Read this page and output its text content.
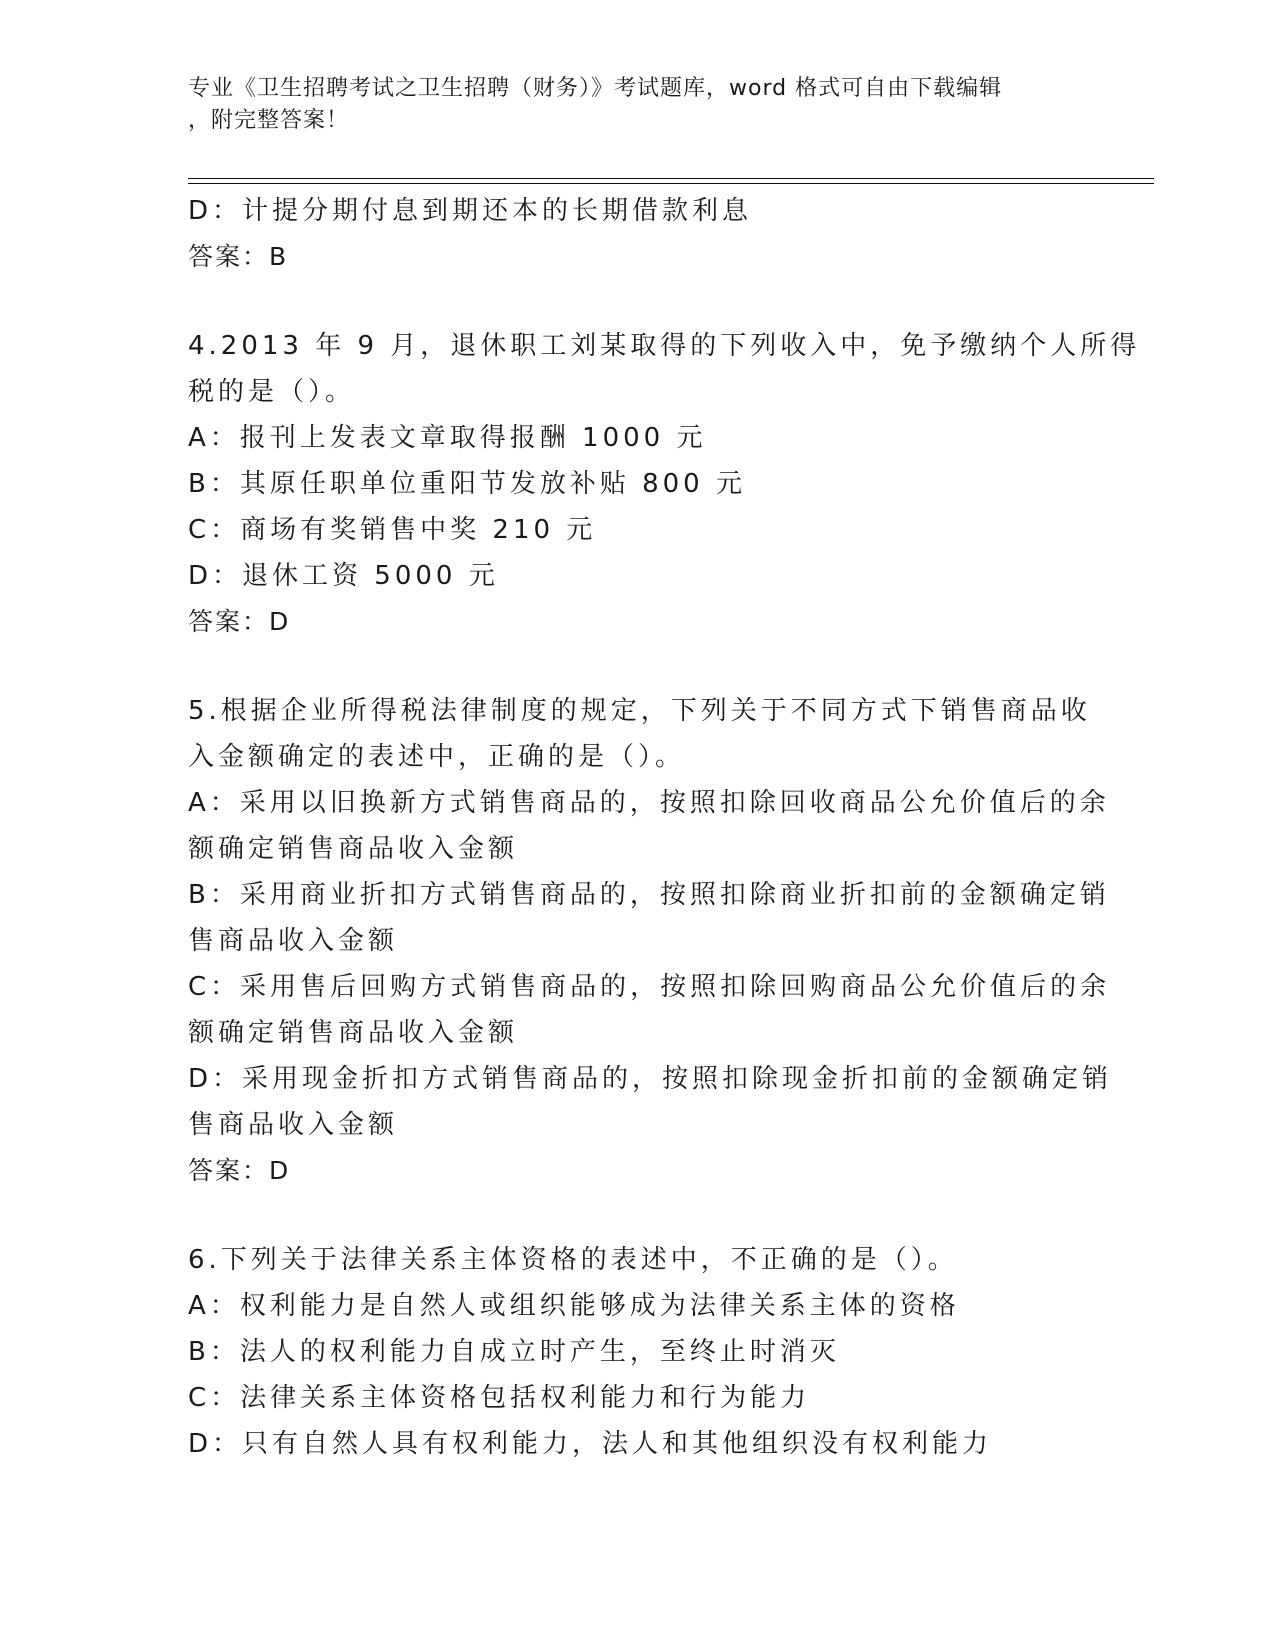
专业《卫生招聘考试之卫生招聘（财务）》考试题库，word 格式可自由下载编辑
，附完整答案！
D：计提分期付息到期还本的长期借款利息
答案：B
4.2013 年 9 月，退休职工刘某取得的下列收入中，免予缴纳个人所得
税的是（）。
A：报刊上发表文章取得报酬 1000 元
B：其原任职单位重阳节发放补贴 800 元
C：商场有奖销售中奖 210 元
D：退休工资 5000 元
答案：D
5.根据企业所得税法律制度的规定，下列关于不同方式下销售商品收
入金额确定的表述中，正确的是（）。
A：采用以旧换新方式销售商品的，按照扣除回收商品公允价值后的余
额确定销售商品收入金额
B：采用商业折扣方式销售商品的，按照扣除商业折扣前的金额确定销
售商品收入金额
C：采用售后回购方式销售商品的，按照扣除回购商品公允价值后的余
额确定销售商品收入金额
D：采用现金折扣方式销售商品的，按照扣除现金折扣前的金额确定销
售商品收入金额
答案：D
6.下列关于法律关系主体资格的表述中，不正确的是（）。
A：权利能力是自然人或组织能够成为法律关系主体的资格
B：法人的权利能力自成立时产生，至终止时消灭
C：法律关系主体资格包括权利能力和行为能力
D：只有自然人具有权利能力，法人和其他组织没有权利能力
